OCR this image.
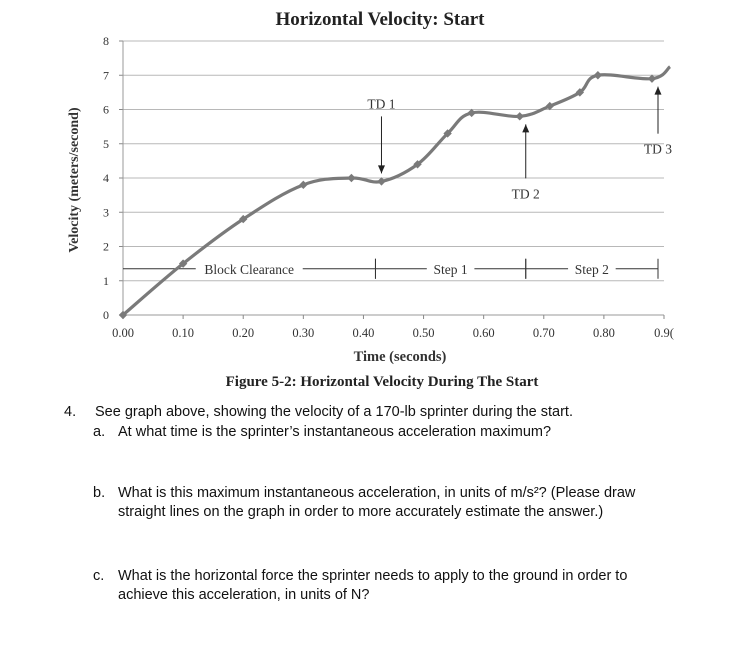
Horizontal Velocity: Start
0
1
2
3
4
5
6
7
8
0.00	0.10	0.20	0.30	0.40	0.50	0.60	0.70	0.80	0.9(
Block Clearance	Step 1	Step 2
TD 1
TD 2
TD 3
Velocity (meters/second)
Time (seconds)
Figure 5-2: Horizontal Velocity During The Start
4. See graph above, showing the velocity of a 170-lb sprinter during the start.
a. At what time is the sprinter’s instantaneous acceleration maximum?
b. What is this maximum instantaneous acceleration, in units of m/s²? (Please draw
straight lines on the graph in order to more accurately estimate the answer.)
c. What is the horizontal force the sprinter needs to apply to the ground in order to
achieve this acceleration, in units of N?
